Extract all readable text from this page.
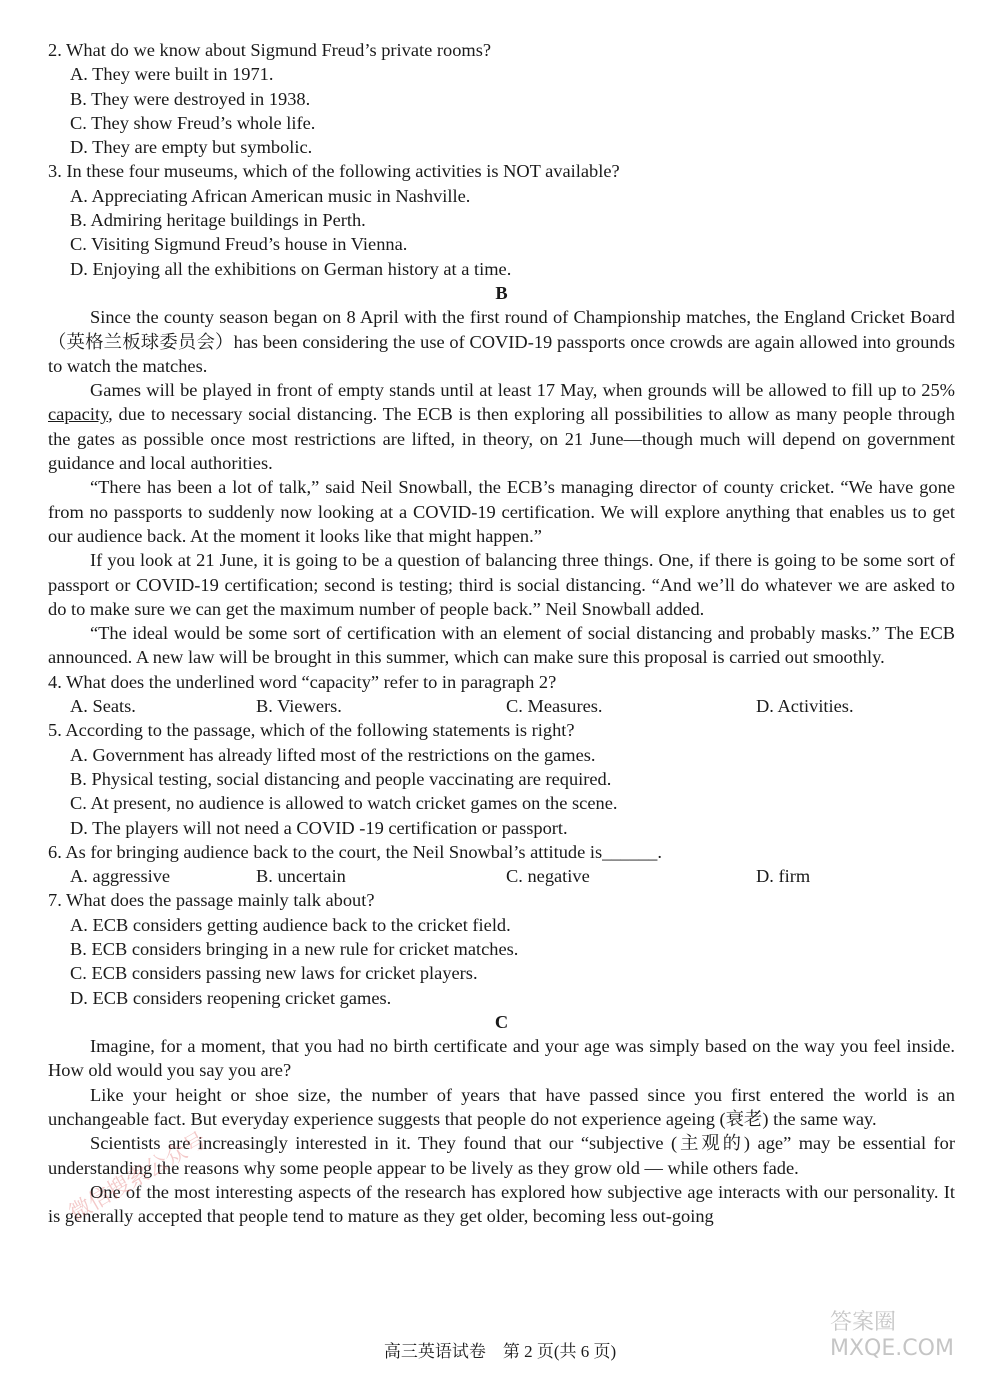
2. What do we know about Sigmund Freud’s private rooms?
A. They were built in 1971.
B. They were destroyed in 1938.
C. They show Freud’s whole life.
D. They are empty but symbolic.
3. In these four museums, which of the following activities is NOT available?
A. Appreciating African American music in Nashville.
B. Admiring heritage buildings in Perth.
C. Visiting Sigmund Freud’s house in Vienna.
D. Enjoying all the exhibitions on German history at a time.
B
Since the county season began on 8 April with the first round of Championship matches, the England Cricket Board（英格兰板球委员会）has been considering the use of COVID-19 passports once crowds are again allowed into grounds to watch the matches.
Games will be played in front of empty stands until at least 17 May, when grounds will be allowed to fill up to 25% capacity, due to necessary social distancing. The ECB is then exploring all possibilities to allow as many people through the gates as possible once most restrictions are lifted, in theory, on 21 June—though much will depend on government guidance and local authorities.
“There has been a lot of talk,” said Neil Snowball, the ECB’s managing director of county cricket. “We have gone from no passports to suddenly now looking at a COVID-19 certification. We will explore anything that enables us to get our audience back. At the moment it looks like that might happen.”
If you look at 21 June, it is going to be a question of balancing three things. One, if there is going to be some sort of passport or COVID-19 certification; second is testing; third is social distancing. “And we’ll do whatever we are asked to do to make sure we can get the maximum number of people back.” Neil Snowball added.
“The ideal would be some sort of certification with an element of social distancing and probably masks.” The ECB announced. A new law will be brought in this summer, which can make sure this proposal is carried out smoothly.
4. What does the underlined word “capacity” refer to in paragraph 2?
A. Seats.	B. Viewers.	C. Measures.	D. Activities.
5. According to the passage, which of the following statements is right?
A. Government has already lifted most of the restrictions on the games.
B. Physical testing, social distancing and people vaccinating are required.
C. At present, no audience is allowed to watch cricket games on the scene.
D. The players will not need a COVID -19 certification or passport.
6. As for bringing audience back to the court, the Neil Snowbal’s attitude is______.
A. aggressive	B. uncertain	C. negative	D. firm
7. What does the passage mainly talk about?
A. ECB considers getting audience back to the cricket field.
B. ECB considers bringing in a new rule for cricket matches.
C. ECB considers passing new laws for cricket players.
D. ECB considers reopening cricket games.
C
Imagine, for a moment, that you had no birth certificate and your age was simply based on the way you feel inside. How old would you say you are?
Like your height or shoe size, the number of years that have passed since you first entered the world is an unchangeable fact. But everyday experience suggests that people do not experience ageing (衰老) the same way.
Scientists are increasingly interested in it. They found that our “subjective (主观的) age” may be essential for understanding the reasons why some people appear to be lively as they grow old — while others fade.
One of the most interesting aspects of the research has explored how subjective age interacts with our personality. It is generally accepted that people tend to mature as they get older, becoming less out-going
微信搜索公众号
高三英语试卷　第 2 页(共 6 页)
答案圈
MXQE.COM
